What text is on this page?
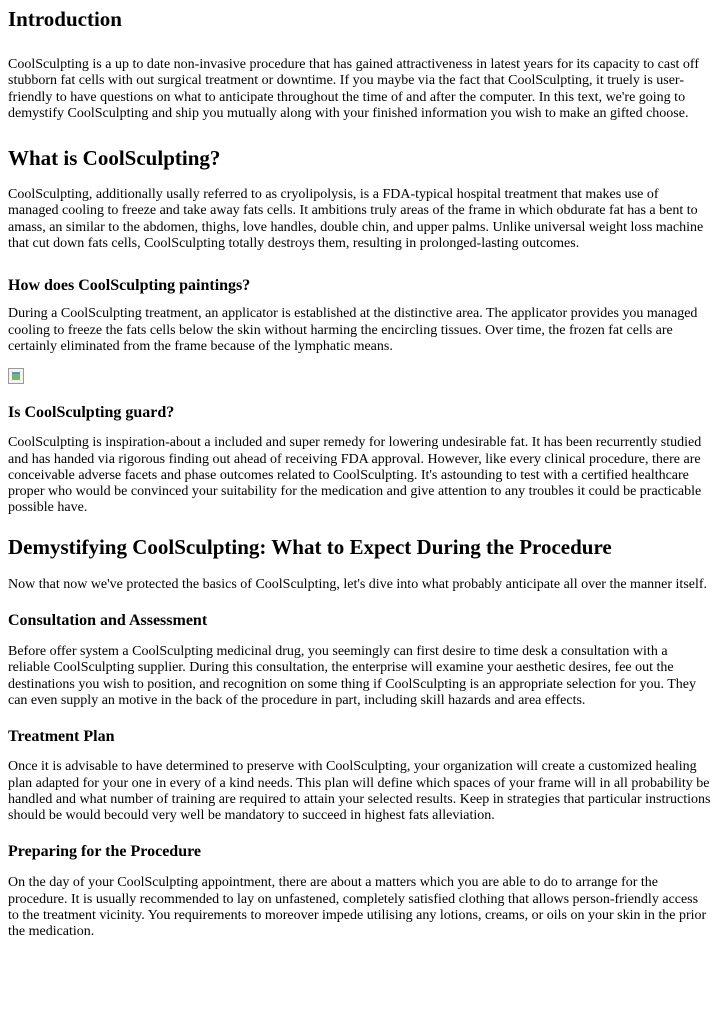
Introduction

CoolSculpting is a up to date non-invasive procedure that has gained attractiveness in latest years for its capacity to cast off stubborn fat cells with out surgical treatment or downtime. If you maybe via the fact that CoolSculpting, it truely is user-friendly to have questions on what to anticipate throughout the time of and after the computer. In this text, we're going to demystify CoolSculpting and ship you mutually along with your finished information you wish to make an gifted choose.

What is CoolSculpting?

CoolSculpting, additionally usally referred to as cryolipolysis, is a FDA-typical hospital treatment that makes use of managed cooling to freeze and take away fats cells. It ambitions truly areas of the frame in which obdurate fat has a bent to amass, an similar to the abdomen, thighs, love handles, double chin, and upper palms. Unlike universal weight loss machine that cut down fats cells, CoolSculpting totally destroys them, resulting in prolonged-lasting outcomes.

How does CoolSculpting paintings?

During a CoolSculpting treatment, an applicator is established at the distinctive area. The applicator provides you managed cooling to freeze the fats cells below the skin without harming the encircling tissues. Over time, the frozen fat cells are certainly eliminated from the frame because of the lymphatic means.

Is CoolSculpting guard?

CoolSculpting is inspiration-about a included and super remedy for lowering undesirable fat. It has been recurrently studied and has handed via rigorous finding out ahead of receiving FDA approval. However, like every clinical procedure, there are conceivable adverse facets and phase outcomes related to CoolSculpting. It's astounding to test with a certified healthcare proper who would be convinced your suitability for the medication and give attention to any troubles it could be practicable possible have.

Demystifying CoolSculpting: What to Expect During the Procedure

Now that now we've protected the basics of CoolSculpting, let's dive into what probably anticipate all over the manner itself.

Consultation and Assessment

Before offer system a CoolSculpting medicinal drug, you seemingly can first desire to time desk a consultation with a reliable CoolSculpting supplier. During this consultation, the enterprise will examine your aesthetic desires, fee out the destinations you wish to position, and recognition on some thing if CoolSculpting is an appropriate selection for you. They can even supply an motive in the back of the procedure in part, including skill hazards and area effects.

Treatment Plan

Once it is advisable to have determined to preserve with CoolSculpting, your organization will create a customized healing plan adapted for your one in every of a kind needs. This plan will define which spaces of your frame will in all probability be handled and what number of training are required to attain your selected results. Keep in strategies that particular instructions should be would becould very well be mandatory to succeed in highest fats alleviation.

Preparing for the Procedure

On the day of your CoolSculpting appointment, there are about a matters which you are able to do to arrange for the procedure. It is usually recommended to lay on unfastened, completely satisfied clothing that allows person-friendly access to the treatment vicinity. You requirements to moreover impede utilising any lotions, creams, or oils on your skin in the prior the medication.
